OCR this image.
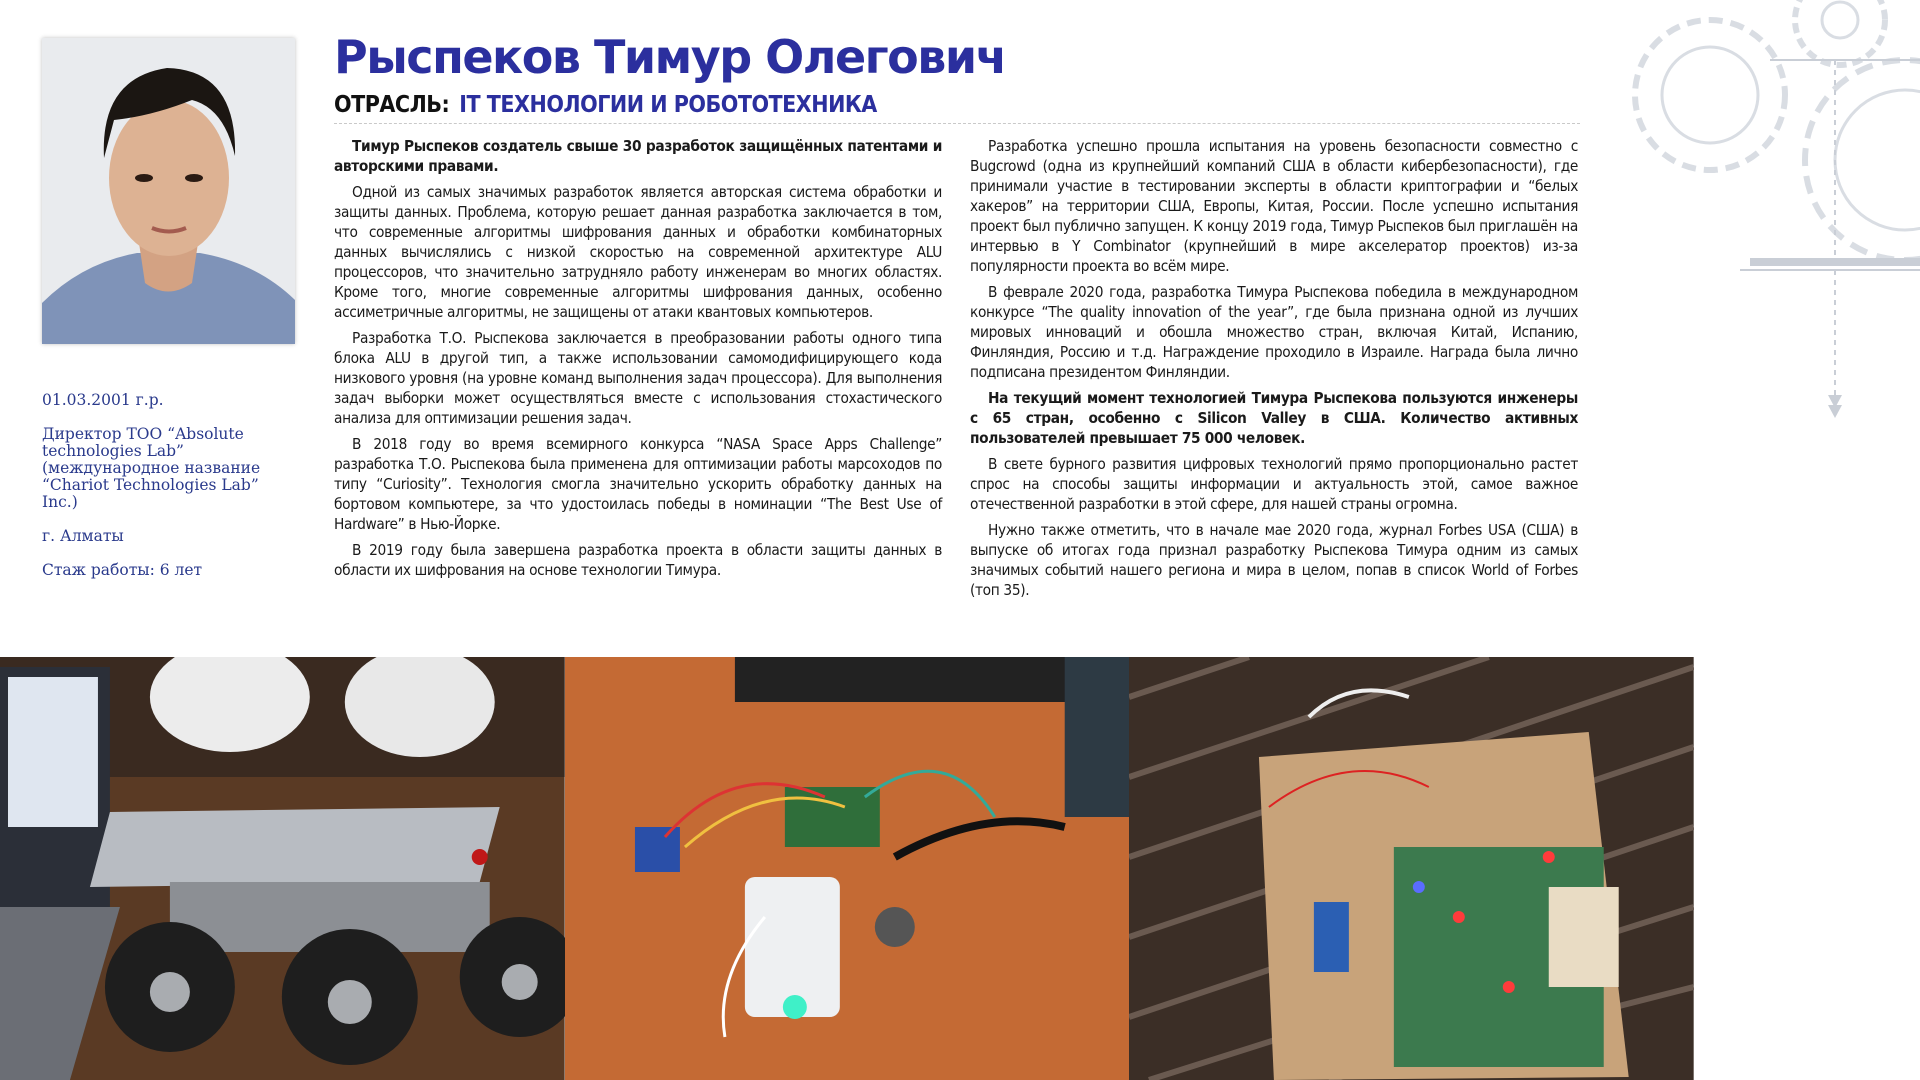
01.03.2001 г.р.
Директор ТОО “Absolute technologies Lab” (международное название “Chariot Technologies Lab” Inc.)
г. Алматы
Стаж работы: 6 лет
Рыспеков Тимур Олегович
ОТРАСЛЬ: IT ТЕХНОЛОГИИ И РОБОТОТЕХНИКА

Тимур Рыспеков создатель свыше 30 разработок защищённых патентами и авторскими правами.

Одной из самых значимых разработок является авторская система обработки и защиты данных. Проблема, которую решает данная разработка заключается в том, что современные алгоритмы шифрования данных и обработки комбинаторных данных вычислялись с низкой скоростью на современной архитектуре ALU процессоров, что значительно затрудняло работу инженерам во многих областях. Кроме того, многие современные алгоритмы шифрования данных, особенно ассиметричные алгоритмы, не защищены от атаки квантовых компьютеров.

Разработка Т.О. Рыспекова заключается в преобразовании работы одного типа блока ALU в другой тип, а также использовании самомодифицирующего кода низкового уровня (на уровне команд выполнения задач процессора). Для выполнения задач выборки может осуществляться вместе с использования стохастического анализа для оптимизации решения задач.

В 2018 году во время всемирного конкурса “NASA Space Apps Challenge” разработка Т.О. Рыспекова была применена для оптимизации работы марсоходов по типу “Curiosity”. Технология смогла значительно ускорить обработку данных на бортовом компьютере, за что удостоилась победы в номинации “The Best Use of Hardware” в Нью-Йорке.

В 2019 году была завершена разработка проекта в области защиты данных в области их шифрования на основе технологии Тимура.

Разработка успешно прошла испытания на уровень безопасности совместно с Bugcrowd (одна из крупнейший компаний США в области кибербезопасности), где принимали участие в тестировании эксперты в области криптографии и “белых хакеров” на территории США, Европы, Китая, России. После успешно испытания проект был публично запущен. К концу 2019 года, Тимур Рыспеков был приглашён на интервью в Y Combinator (крупнейший в мире акселератор проектов) из-за популярности проекта во всём мире.

В феврале 2020 года, разработка Тимура Рыспекова победила в международном конкурсе “The quality innovation of the year”, где была признана одной из лучших мировых инноваций и обошла множество стран, включая Китай, Испанию, Финляндия, Россию и т.д. Награждение проходило в Израиле. Награда была лично подписана президентом Финляндии.

На текущий момент технологией Тимура Рыспекова пользуются инженеры с 65 стран, особенно с Silicon Valley в США. Количество активных пользователей превышает 75 000 человек.

В свете бурного развития цифровых технологий прямо пропорционально растет спрос на способы защиты информации и актуальность этой, самое важное отечественной разработки в этой сфере, для нашей страны огромна.

Нужно также отметить, что в начале мае 2020 года, журнал Forbes USA (США) в выпуске об итогах года признал разработку Рыспекова Тимура одним из самых значимых событий нашего региона и мира в целом, попав в список World of Forbes (топ 35).
